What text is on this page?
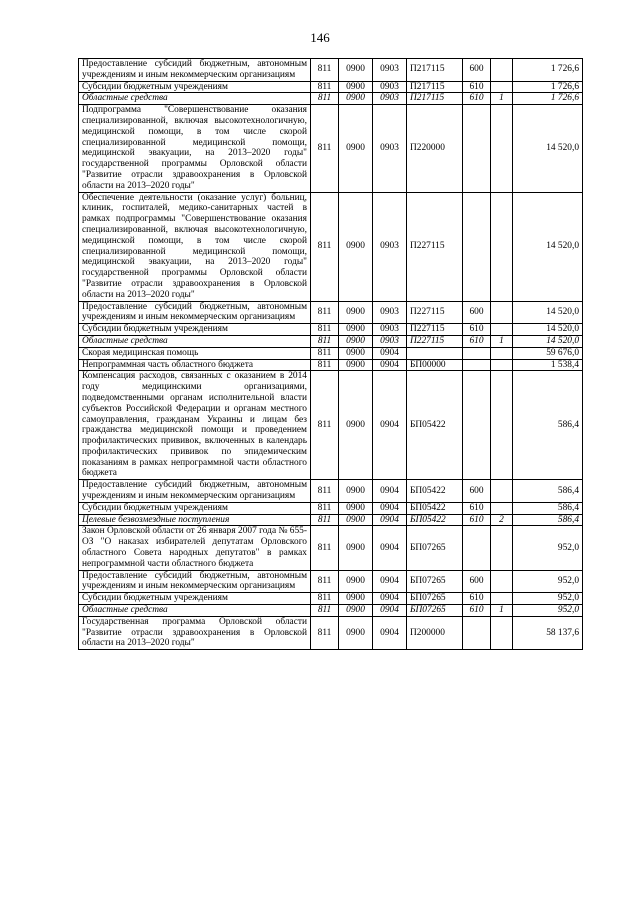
146
Предоставление субсидий бюджетным, автономным учреждениям и иным некоммерческим организациям	811	0900	0903	П217115	600		1 726,6
Субсидии бюджетным учреждениям	811	0900	0903	П217115	610		1 726,6
Областные средства	811	0900	0903	П217115	610	1	1 726,6
Подпрограмма "Совершенствование оказания специализированной, включая высокотехнологичную, медицинской помощи, в том числе скорой специализированной медицинской помощи, медицинской эвакуации, на 2013–2020 годы" государственной программы Орловской области "Развитие отрасли здравоохранения в Орловской области на 2013–2020 годы"	811	0900	0903	П220000			14 520,0
Обеспечение деятельности (оказание услуг) больниц, клиник, госпиталей, медико-санитарных частей в рамках подпрограммы "Совершенствование оказания специализированной, включая высокотехнологичную, медицинской помощи, в том числе скорой специализированной медицинской помощи, медицинской эвакуации, на 2013–2020 годы" государственной программы Орловской области "Развитие отрасли здравоохранения в Орловской области на 2013–2020 годы"	811	0900	0903	П227115			14 520,0
Предоставление субсидий бюджетным, автономным учреждениям и иным некоммерческим организациям	811	0900	0903	П227115	600		14 520,0
Субсидии бюджетным учреждениям	811	0900	0903	П227115	610		14 520,0
Областные средства	811	0900	0903	П227115	610	1	14 520,0
Скорая медицинская помощь	811	0900	0904				59 676,0
Непрограммная часть областного бюджета	811	0900	0904	БП00000			1 538,4
Компенсация расходов, связанных с оказанием в 2014 году медицинскими организациями, подведомственными органам исполнительной власти субъектов Российской Федерации и органам местного самоуправления, гражданам Украины и лицам без гражданства медицинской помощи и проведением профилактических прививок, включенных в календарь профилактических прививок по эпидемическим показаниям в рамках непрограммной части областного бюджета	811	0900	0904	БП05422			586,4
Предоставление субсидий бюджетным, автономным учреждениям и иным некоммерческим организациям	811	0900	0904	БП05422	600		586,4
Субсидии бюджетным учреждениям	811	0900	0904	БП05422	610		586,4
Целевые безвозмездные поступления	811	0900	0904	БП05422	610	2	586,4
Закон Орловской области от 26 января 2007 года № 655-ОЗ "О наказах избирателей депутатам Орловского областного Совета народных депутатов" в рамках непрограммной части областного бюджета	811	0900	0904	БП07265			952,0
Предоставление субсидий бюджетным, автономным учреждениям и иным некоммерческим организациям	811	0900	0904	БП07265	600		952,0
Субсидии бюджетным учреждениям	811	0900	0904	БП07265	610		952,0
Областные средства	811	0900	0904	БП07265	610	1	952,0
Государственная программа Орловской области "Развитие отрасли здравоохранения в Орловской области на 2013–2020 годы"	811	0900	0904	П200000			58 137,6
